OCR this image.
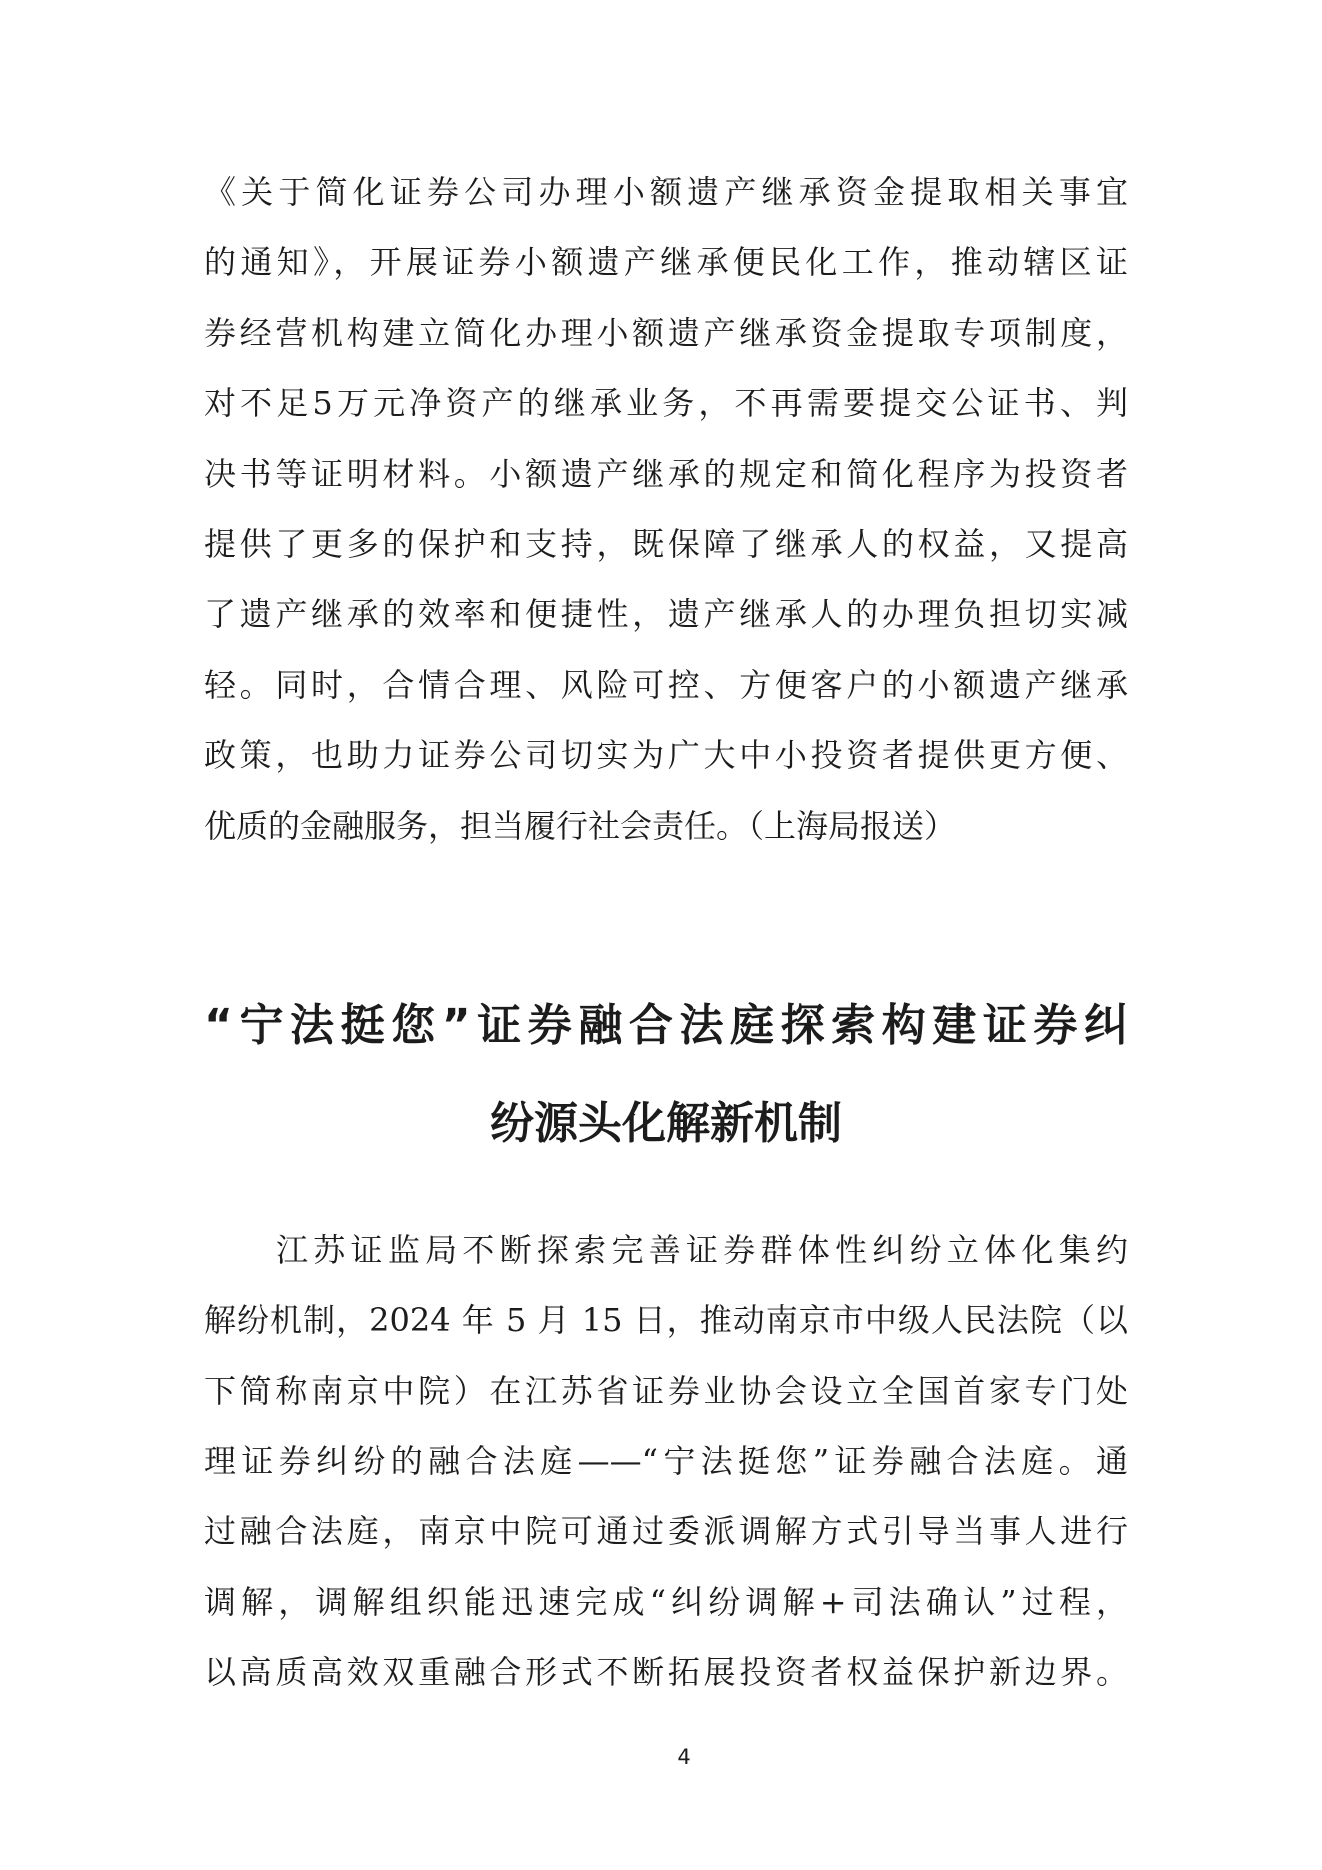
《关于简化证券公司办理小额遗产继承资金提取相关事宜
的通知》，开展证券小额遗产继承便民化工作，推动辖区证
券经营机构建立简化办理小额遗产继承资金提取专项制度，
对不足5万元净资产的继承业务，不再需要提交公证书、判
决书等证明材料。小额遗产继承的规定和简化程序为投资者
提供了更多的保护和支持，既保障了继承人的权益，又提高
了遗产继承的效率和便捷性，遗产继承人的办理负担切实减
轻。同时，合情合理、风险可控、方便客户的小额遗产继承
政策，也助力证券公司切实为广大中小投资者提供更方便、
优质的金融服务，担当履行社会责任。（上海局报送）
“宁法挺您”证券融合法庭探索构建证券纠
纷源头化解新机制
江苏证监局不断探索完善证券群体性纠纷立体化集约
解纷机制，2024 年 5 月 15 日，推动南京市中级人民法院（以
下简称南京中院）在江苏省证券业协会设立全国首家专门处
理证券纠纷的融合法庭——“宁法挺您”证券融合法庭。通
过融合法庭，南京中院可通过委派调解方式引导当事人进行
调解，调解组织能迅速完成“纠纷调解+司法确认”过程，
以高质高效双重融合形式不断拓展投资者权益保护新边界。
4
